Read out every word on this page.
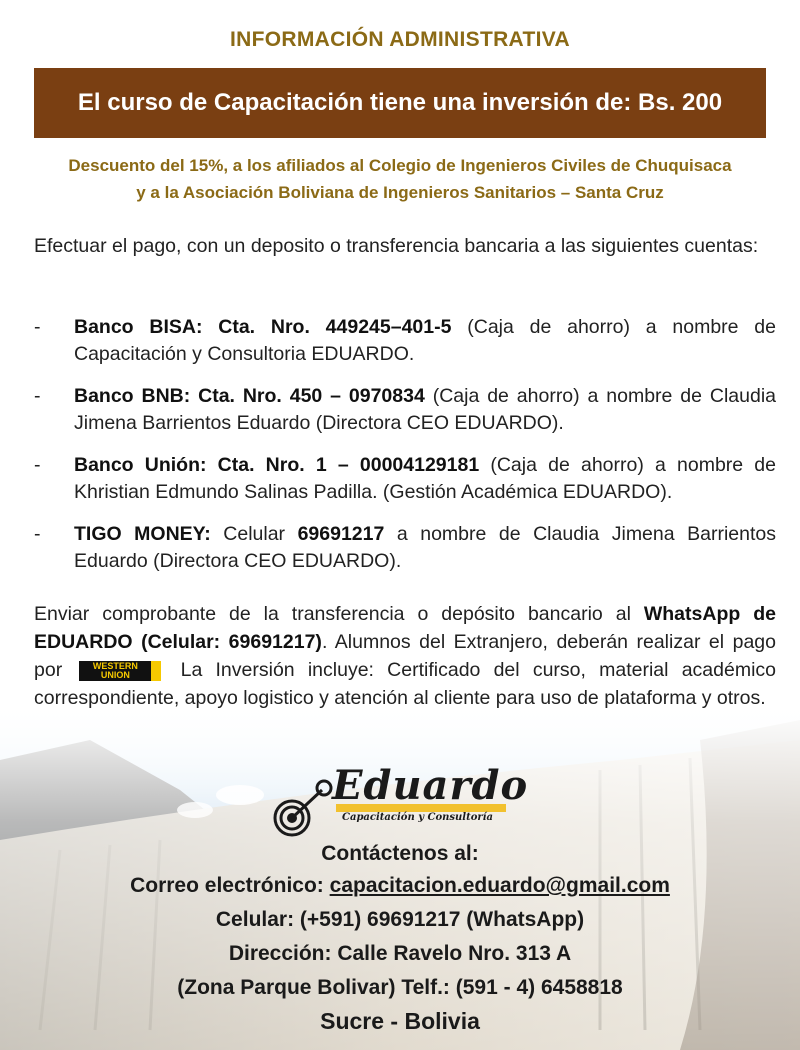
INFORMACIÓN ADMINISTRATIVA
El curso de Capacitación tiene una inversión de: Bs. 200
Descuento del 15%, a los afiliados al Colegio de Ingenieros Civiles de Chuquisaca
y a la Asociación Boliviana de Ingenieros Sanitarios – Santa Cruz
Efectuar el pago, con un deposito o transferencia bancaria a las siguientes cuentas:
- Banco BISA: Cta. Nro. 449245–401-5 (Caja de ahorro) a nombre de Capacitación y Consultoria EDUARDO.
- Banco BNB: Cta. Nro. 450 – 0970834 (Caja de ahorro) a nombre de Claudia Jimena Barrientos Eduardo (Directora CEO EDUARDO).
- Banco Unión: Cta. Nro. 1 – 00004129181 (Caja de ahorro) a nombre de Khristian Edmundo Salinas Padilla. (Gestión Académica EDUARDO).
- TIGO MONEY: Celular 69691217 a nombre de Claudia Jimena Barrientos Eduardo (Directora CEO EDUARDO).
Enviar comprobante de la transferencia o depósito bancario al WhatsApp de EDUARDO (Celular: 69691217). Alumnos del Extranjero, deberán realizar el pago por	WESTERN
UNION La Inversión incluye: Certificado del curso, material académico correspondiente, apoyo logistico y atención al cliente para uso de plataforma y otros.
Eduardo
Capacitación y Consultoría
Contáctenos al:
Correo electrónico: capacitacion.eduardo@gmail.com
Celular: (+591) 69691217 (WhatsApp)
Dirección: Calle Ravelo Nro. 313 A
(Zona Parque Bolivar) Telf.: (591 - 4) 6458818
Sucre - Bolivia
